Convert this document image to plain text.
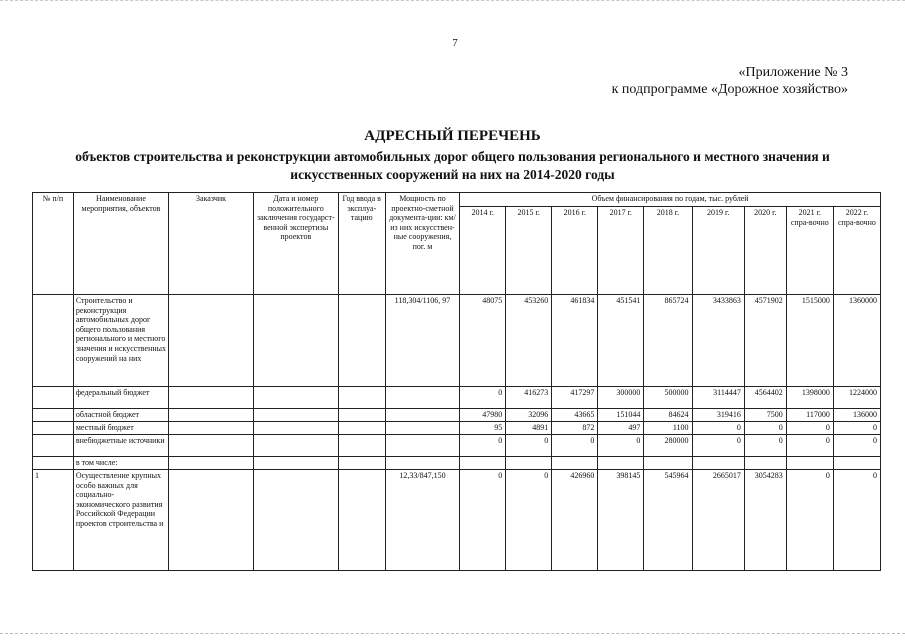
7
«Приложение № 3
к подпрограмме «Дорожное хозяйство»
АДРЕСНЫЙ ПЕРЕЧЕНЬ
объектов строительства и реконструкции автомобильных дорог общего пользования регионального и местного значения и искусственных сооружений на них на 2014-2020 годы
№ п/п	Наименование мероприятия, объектов	Заказчик	Дата и номер положительного заключения государст-венной экспертизы проектов	Год ввода в эксплуа-тацию	Мощность по проектно-сметной документа-ции: км/из них искусствен-ные сооружения, пог. м	Объем финансирования по годам, тыс. рублей								
						2014 г.	2015 г.	2016 г.	2017 г.	2018 г.	2019 г.	2020 г.	2021 г. спра-вочно	2022 г. спра-вочно
	Строительство и реконструкция автомобильных дорог общего пользования регионального и местного значения и искусственных сооружений на них				118,304/1106, 97	48075	453260	461834	451541	865724	3433863	4571902	1515000	1360000
	федеральный бюджет					0	416273	417297	300000	500000	3114447	4564402	1398000	1224000
	областной бюджет					47980	32096	43665	151044	84624	319416	7500	117000	136000
	местный бюджет					95	4891	872	497	1100	0	0	0	0
	внебюджетные источники					0	0	0	0	280000	0	0	0	0
	в том числе:													
1	Осуществление крупных особо важных для социально-экономического развития Российской Федерации проектов строительства и				12,33/847,150	0	0	426960	398145	545964	2665017	3054283	0	0
